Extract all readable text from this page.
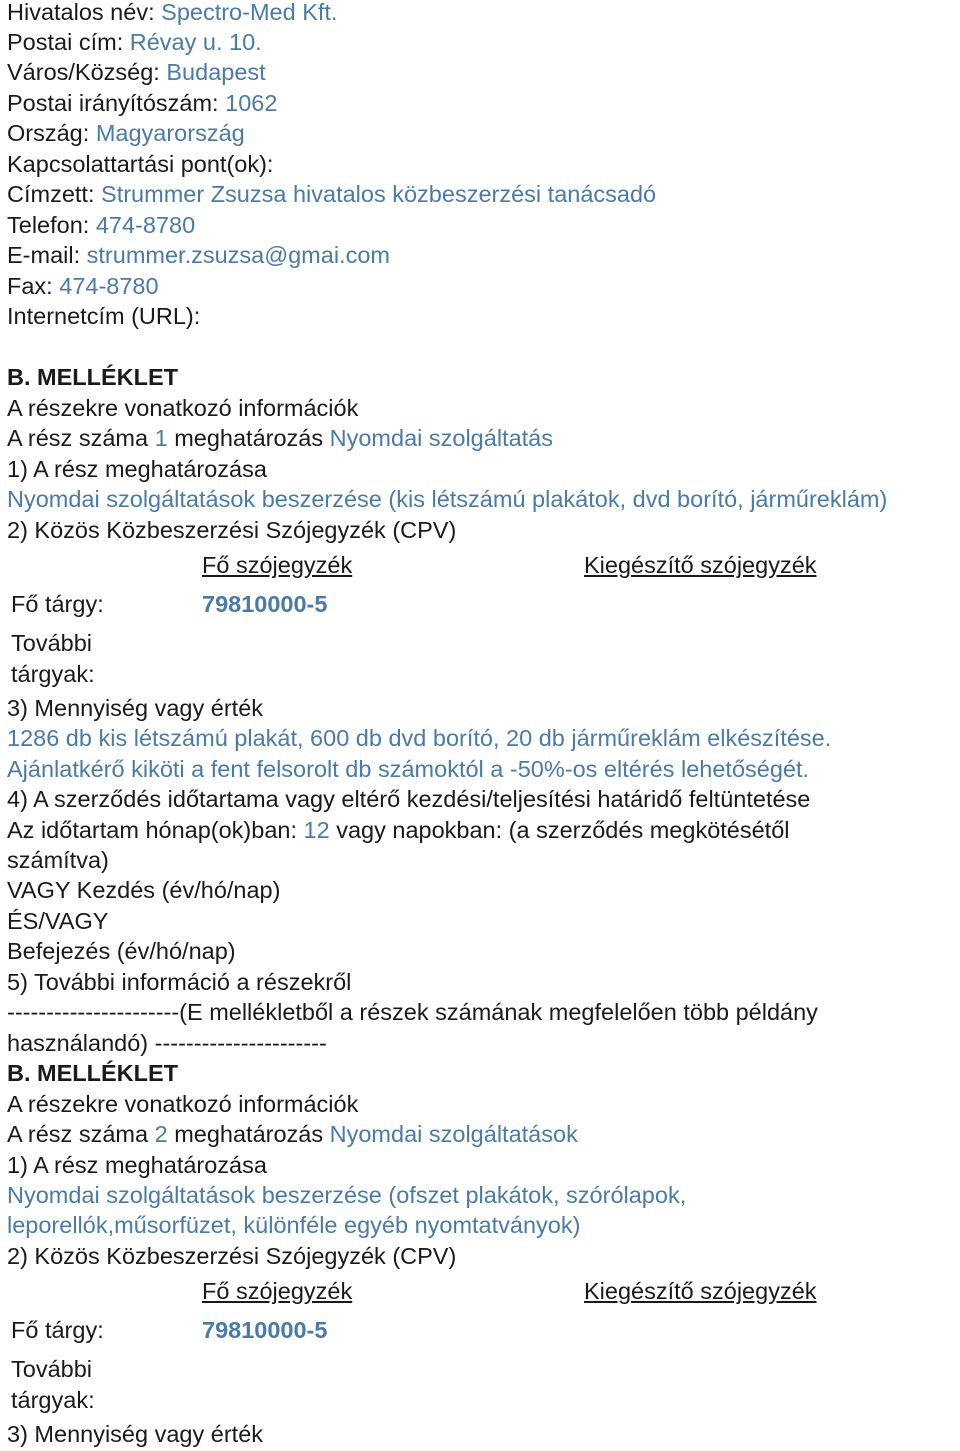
Hivatalos név: Spectro-Med Kft.
Postai cím: Révay u. 10.
Város/Község: Budapest
Postai irányítószám: 1062
Ország: Magyarország
Kapcsolattartási pont(ok):
Címzett: Strummer Zsuzsa hivatalos közbeszerzési tanácsadó
Telefon: 474-8780
E-mail: strummer.zsuzsa@gmai.com
Fax: 474-8780
Internetcím (URL):
B. MELLÉKLET
A részekre vonatkozó információk
A rész száma 1 meghatározás Nyomdai szolgáltatás
1) A rész meghatározása
Nyomdai szolgáltatások beszerzése (kis létszámú plakátok, dvd borító, járműreklám)
2) Közös Közbeszerzési Szójegyzék (CPV)
Fő szójegyzék	Kiegészítő szójegyzék
Fő tárgy:	79810000-5
További
tárgyak:
3) Mennyiség vagy érték
1286 db kis létszámú plakát, 600 db dvd borító, 20 db járműreklám elkészítése.
Ajánlatkérő kiköti a fent felsorolt db számoktól a -50%-os eltérés lehetőségét.
4) A szerződés időtartama vagy eltérő kezdési/teljesítési határidő feltüntetése
Az időtartam hónap(ok)ban: 12 vagy napokban: (a szerződés megkötésétől
számítva)
VAGY Kezdés (év/hó/nap)
ÉS/VAGY
Befejezés (év/hó/nap)
5) További információ a részekről
----------------------(E mellékletből a részek számának megfelelően több példány
használandó) ----------------------
B. MELLÉKLET
A részekre vonatkozó információk
A rész száma 2 meghatározás Nyomdai szolgáltatások
1) A rész meghatározása
Nyomdai szolgáltatások beszerzése (ofszet plakátok, szórólapok,
leporellók,műsorfüzet, különféle egyéb nyomtatványok)
2) Közös Közbeszerzési Szójegyzék (CPV)
Fő szójegyzék	Kiegészítő szójegyzék
Fő tárgy:	79810000-5
További
tárgyak:
3) Mennyiség vagy érték
